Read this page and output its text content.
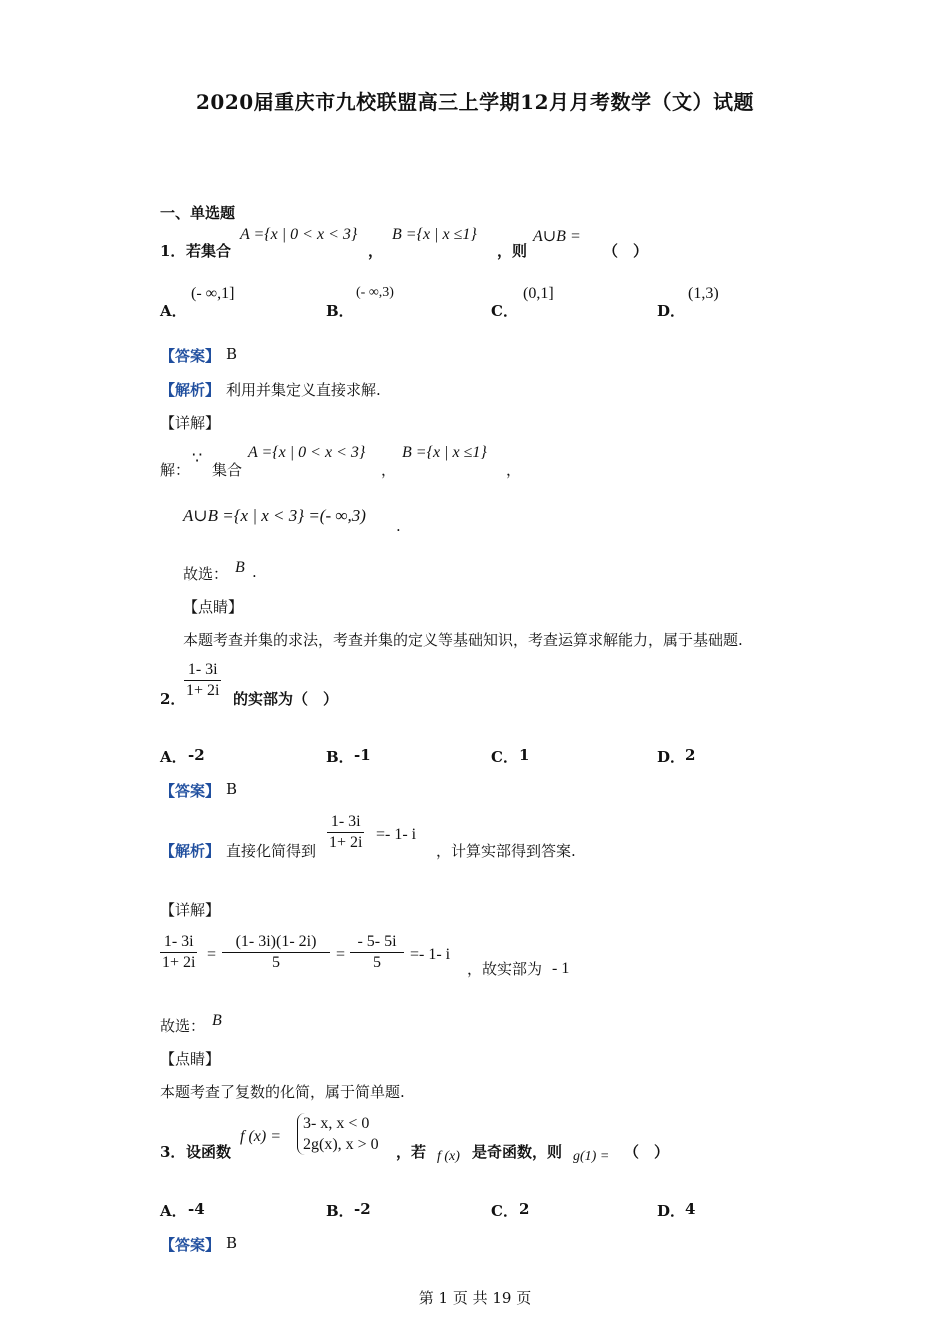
2020届重庆市九校联盟高三上学期12月月考数学（文）试题
一、单选题
1． 若集合
A ={x | 0 < x < 3}
，
B ={x | x ≤1}
，则
A∪B =
（　）
A．
(- ∞,1]
B．
(- ∞,3)
C．
(0,1]
D．
(1,3)
【答案】 B
【解析】 利用并集定义直接求解.
【详解】
解：
∵
集合
A ={x | 0 < x < 3}
，
B ={x | x ≤1}
，
A∪B ={x | x < 3} =(- ∞,3)
.
故选： B .
【点睛】
本题考查并集的求法，考查并集的定义等基础知识，考查运算求解能力，属于基础题.
2．
$\frac{1- 3i}{1+ 2i}$ 的实部为（　）
A． -2	B． -1	C． 1	D． 2
【答案】 B
【解析】 直接化简得到 $\frac{1- 3i}{1+ 2i} =- 1-$ i
，计算实部得到答案.
【详解】
$\frac{1- 3i}{1+ 2i} = \frac{(1- 3i)(1- 2i)}{5} = \frac{- 5- 5i}{5} =- 1-$ i
，故实部为 - 1
故选： B
【点睛】
本题考查了复数的化简，属于简单题.
3． 设函数
f (x) =
3- x, x < 0
2g(x), x > 0 ，若 f (x) 是奇函数，则 g(1) = （　）
A． -4	B． -2	C． 2	D． 4
【答案】 B
第 1 页 共 19 页
